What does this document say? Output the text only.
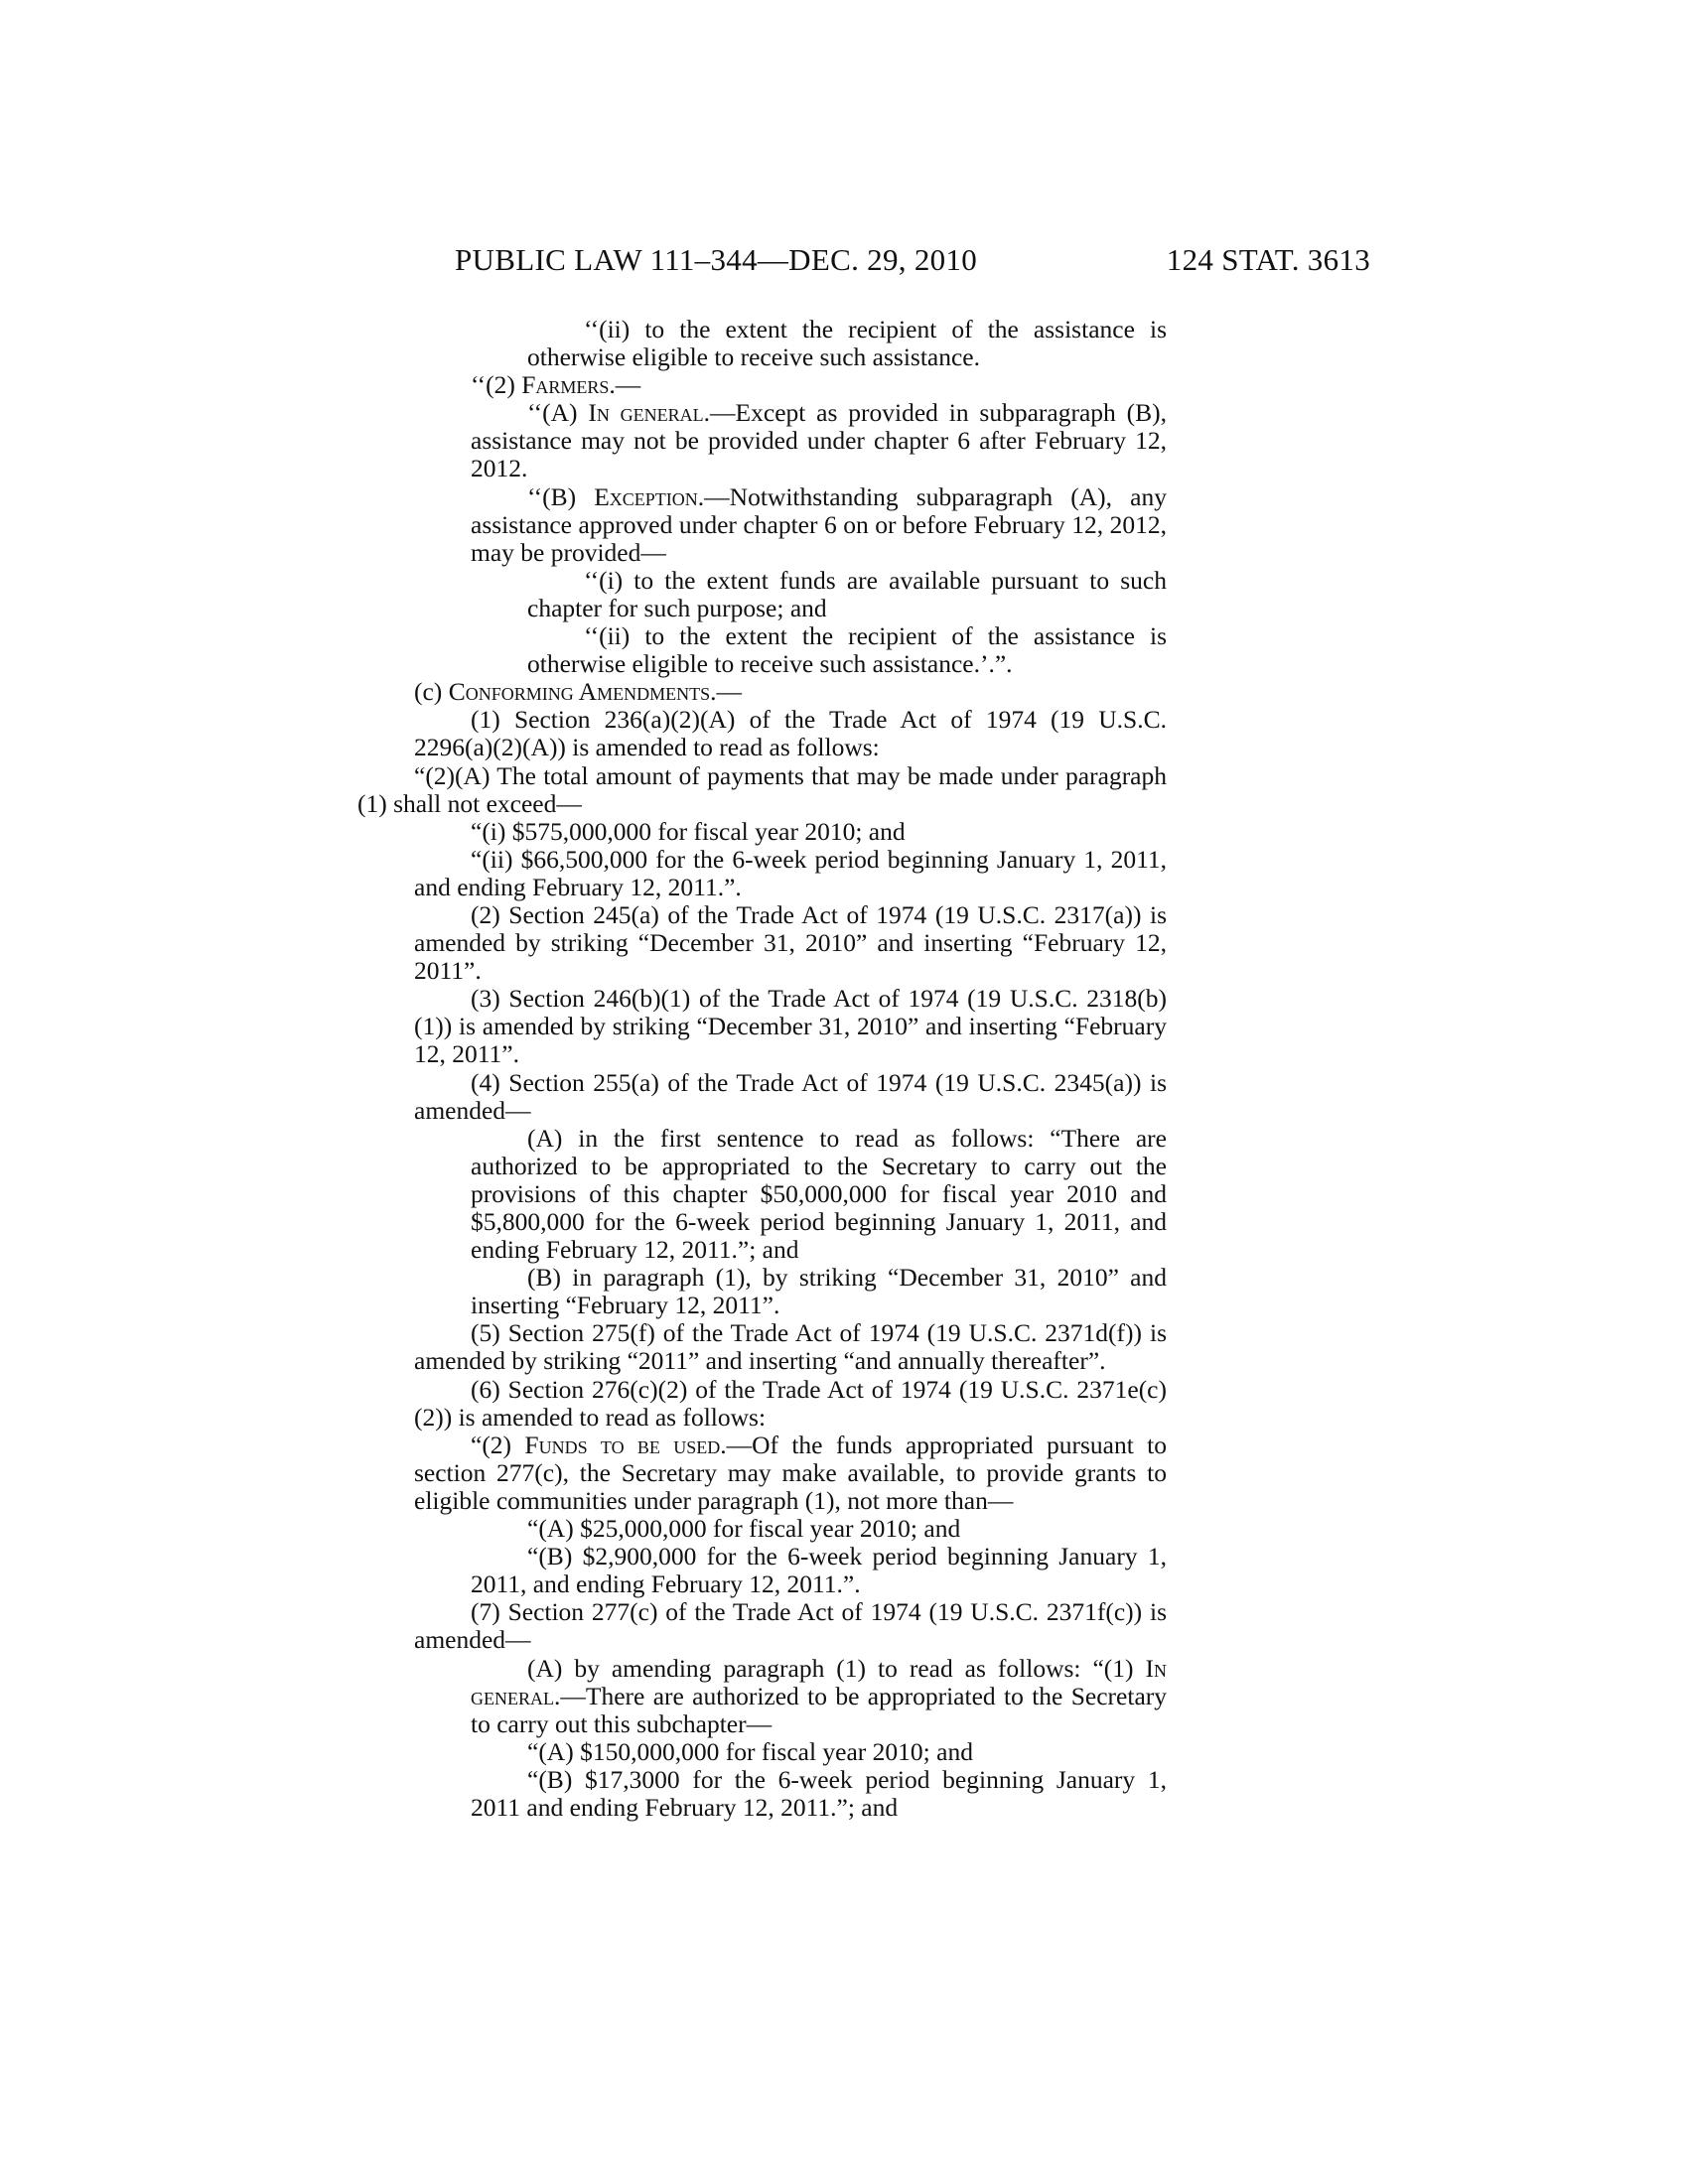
PUBLIC LAW 111–344—DEC. 29, 2010	124 STAT. 3613

‘‘(ii) to the extent the recipient of the assistance is otherwise eligible to receive such assistance.

‘‘(2) Farmers.—

‘‘(A) In general.—Except as provided in subparagraph (B), assistance may not be provided under chapter 6 after February 12, 2012.

‘‘(B) Exception.—Notwithstanding subparagraph (A), any assistance approved under chapter 6 on or before February 12, 2012, may be provided—

‘‘(i) to the extent funds are available pursuant to such chapter for such purpose; and

‘‘(ii) to the extent the recipient of the assistance is otherwise eligible to receive such assistance.’.”.

(c) Conforming Amendments.—

(1) Section 236(a)(2)(A) of the Trade Act of 1974 (19 U.S.C. 2296(a)(2)(A)) is amended to read as follows:

“(2)(A) The total amount of payments that may be made under paragraph (1) shall not exceed—

“(i) $575,000,000 for fiscal year 2010; and

“(ii) $66,500,000 for the 6-week period beginning January 1, 2011, and ending February 12, 2011.”.

(2) Section 245(a) of the Trade Act of 1974 (19 U.S.C. 2317(a)) is amended by striking “December 31, 2010” and inserting “February 12, 2011”.

(3) Section 246(b)(1) of the Trade Act of 1974 (19 U.S.C. 2318(b)(1)) is amended by striking “December 31, 2010” and inserting “February 12, 2011”.

(4) Section 255(a) of the Trade Act of 1974 (19 U.S.C. 2345(a)) is amended—

(A) in the first sentence to read as follows: “There are authorized to be appropriated to the Secretary to carry out the provisions of this chapter $50,000,000 for fiscal year 2010 and $5,800,000 for the 6-week period beginning January 1, 2011, and ending February 12, 2011.”; and

(B) in paragraph (1), by striking “December 31, 2010” and inserting “February 12, 2011”.

(5) Section 275(f) of the Trade Act of 1974 (19 U.S.C. 2371d(f)) is amended by striking “2011” and inserting “and annually thereafter”.

(6) Section 276(c)(2) of the Trade Act of 1974 (19 U.S.C. 2371e(c)(2)) is amended to read as follows:

“(2) Funds to be used.—Of the funds appropriated pursuant to section 277(c), the Secretary may make available, to provide grants to eligible communities under paragraph (1), not more than—

“(A) $25,000,000 for fiscal year 2010; and

“(B) $2,900,000 for the 6-week period beginning January 1, 2011, and ending February 12, 2011.”.

(7) Section 277(c) of the Trade Act of 1974 (19 U.S.C. 2371f(c)) is amended—

(A) by amending paragraph (1) to read as follows: “(1) In general.—There are authorized to be appropriated to the Secretary to carry out this subchapter—

“(A) $150,000,000 for fiscal year 2010; and

“(B) $17,3000 for the 6-week period beginning January 1, 2011 and ending February 12, 2011.”; and
